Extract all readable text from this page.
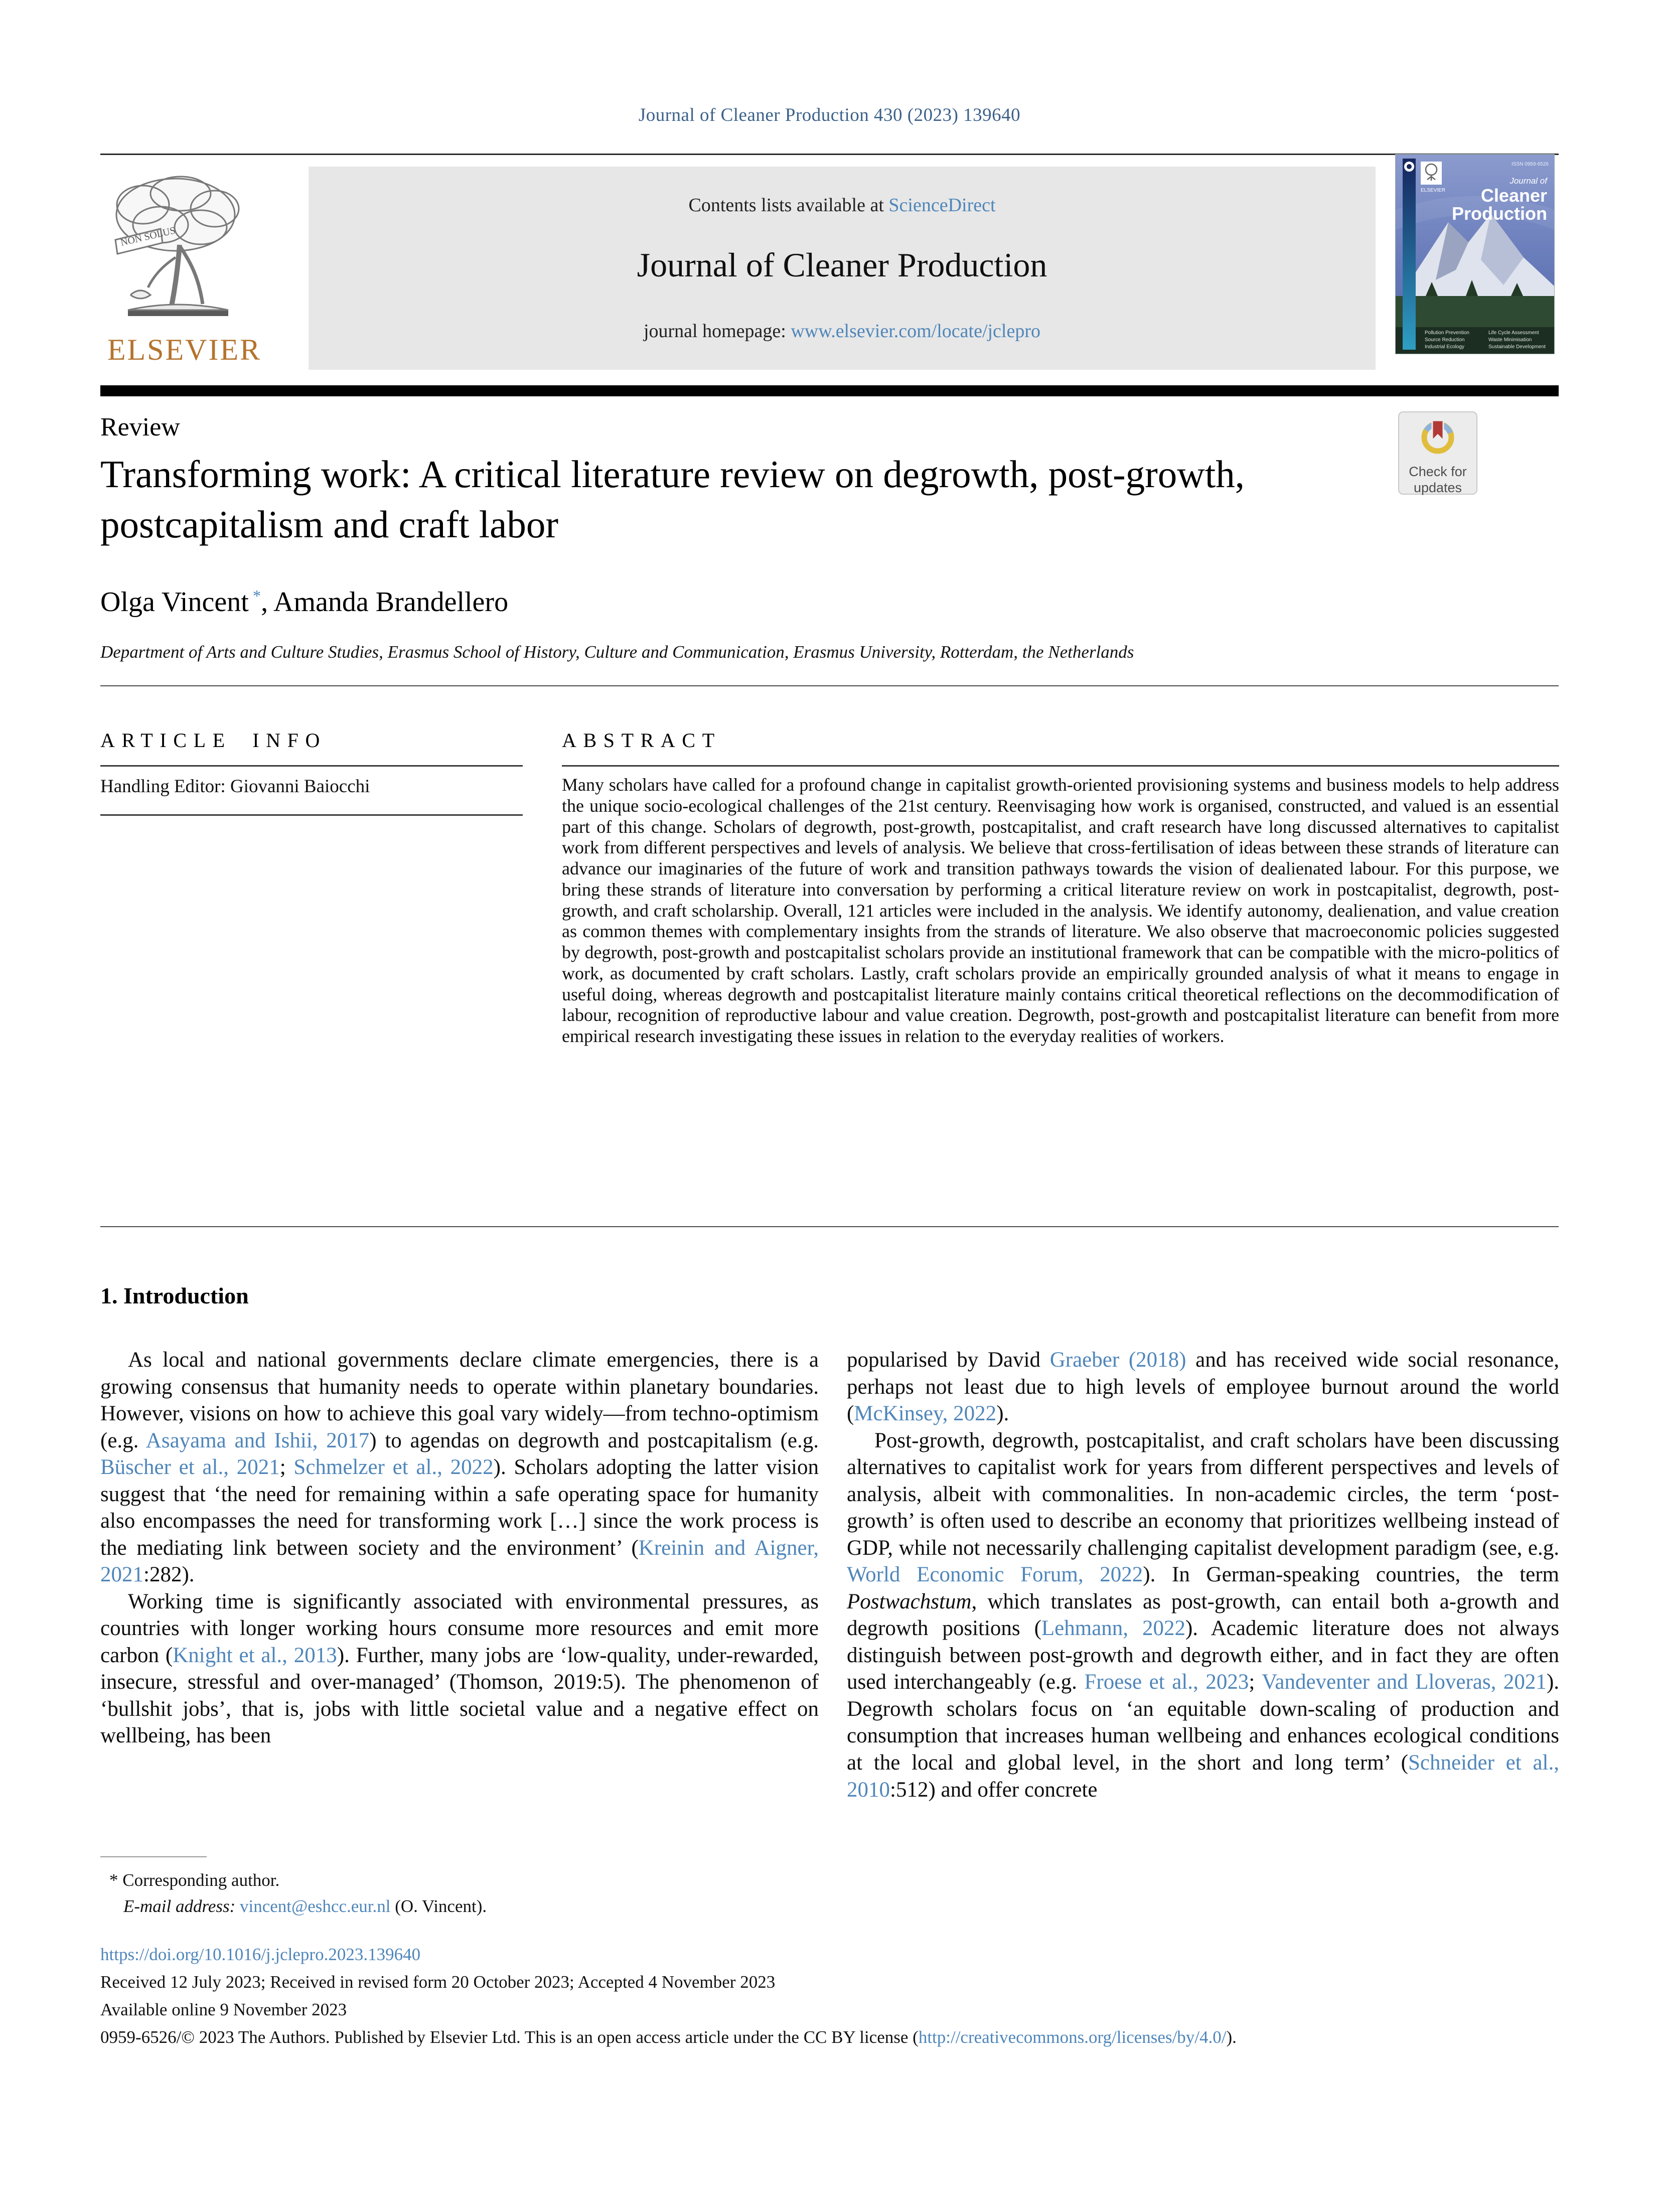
Journal of Cleaner Production 430 (2023) 139640
NON SOLUS
ELSEVIER
Contents lists available at ScienceDirect
Journal of Cleaner Production
journal homepage: www.elsevier.com/locate/jclepro
ELSEVIER
ISSN 0959-6526
Journal of
Cleaner
Production
Pollution Prevention
Source Reduction
Industrial Ecology
Life Cycle Assessment
Waste Minimisation
Sustainable Development
Review
Check for
updates
Transforming work: A critical literature review on degrowth, post-growth, postcapitalism and craft labor
Olga Vincent *, Amanda Brandellero
Department of Arts and Culture Studies, Erasmus School of History, Culture and Communication, Erasmus University, Rotterdam, the Netherlands
ARTICLE INFO
Handling Editor: Giovanni Baiocchi
ABSTRACT
Many scholars have called for a profound change in capitalist growth-oriented provisioning systems and business models to help address the unique socio-ecological challenges of the 21st century. Reenvisaging how work is organised, constructed, and valued is an essential part of this change. Scholars of degrowth, post-growth, postcapitalist, and craft research have long discussed alternatives to capitalist work from different perspectives and levels of analysis. We believe that cross-fertilisation of ideas between these strands of literature can advance our imaginaries of the future of work and transition pathways towards the vision of dealienated labour. For this purpose, we bring these strands of literature into conversation by performing a critical literature review on work in postcapitalist, degrowth, post-growth, and craft scholarship. Overall, 121 articles were included in the analysis. We identify autonomy, dealienation, and value creation as common themes with complementary insights from the strands of literature. We also observe that macroeconomic policies suggested by degrowth, post-growth and postcapitalist scholars provide an institutional framework that can be compatible with the micro-politics of work, as documented by craft scholars. Lastly, craft scholars provide an empirically grounded analysis of what it means to engage in useful doing, whereas degrowth and postcapitalist literature mainly contains critical theoretical reflections on the decommodification of labour, recognition of reproductive labour and value creation. Degrowth, post-growth and postcapitalist literature can benefit from more empirical research investigating these issues in relation to the everyday realities of workers.
1. Introduction

As local and national governments declare climate emergencies, there is a growing consensus that humanity needs to operate within planetary boundaries. However, visions on how to achieve this goal vary widely—from techno-optimism (e.g. Asayama and Ishii, 2017) to agendas on degrowth and postcapitalism (e.g. Büscher et al., 2021; Schmelzer et al., 2022). Scholars adopting the latter vision suggest that ‘the need for remaining within a safe operating space for humanity also encompasses the need for transforming work […] since the work process is the mediating link between society and the environment’ (Kreinin and Aigner, 2021:282).

Working time is significantly associated with environmental pressures, as countries with longer working hours consume more resources and emit more carbon (Knight et al., 2013). Further, many jobs are ‘low-quality, under-rewarded, insecure, stressful and over-managed’ (Thomson, 2019:5). The phenomenon of ‘bullshit jobs’, that is, jobs with little societal value and a negative effect on wellbeing, has been

popularised by David Graeber (2018) and has received wide social resonance, perhaps not least due to high levels of employee burnout around the world (McKinsey, 2022).

Post-growth, degrowth, postcapitalist, and craft scholars have been discussing alternatives to capitalist work for years from different perspectives and levels of analysis, albeit with commonalities. In non-academic circles, the term ‘post-growth’ is often used to describe an economy that prioritizes wellbeing instead of GDP, while not necessarily challenging capitalist development paradigm (see, e.g. World Economic Forum, 2022). In German-speaking countries, the term Postwachstum, which translates as post-growth, can entail both a-growth and degrowth positions (Lehmann, 2022). Academic literature does not always distinguish between post-growth and degrowth either, and in fact they are often used interchangeably (e.g. Froese et al., 2023; Vandeventer and Lloveras, 2021). Degrowth scholars focus on ‘an equitable down-scaling of production and consumption that increases human wellbeing and enhances ecological conditions at the local and global level, in the short and long term’ (Schneider et al., 2010:512) and offer concrete

* Corresponding author.
E-mail address: vincent@eshcc.eur.nl (O. Vincent).
https://doi.org/10.1016/j.jclepro.2023.139640
Received 12 July 2023; Received in revised form 20 October 2023; Accepted 4 November 2023
Available online 9 November 2023
0959-6526/© 2023 The Authors. Published by Elsevier Ltd. This is an open access article under the CC BY license (http://creativecommons.org/licenses/by/4.0/).
